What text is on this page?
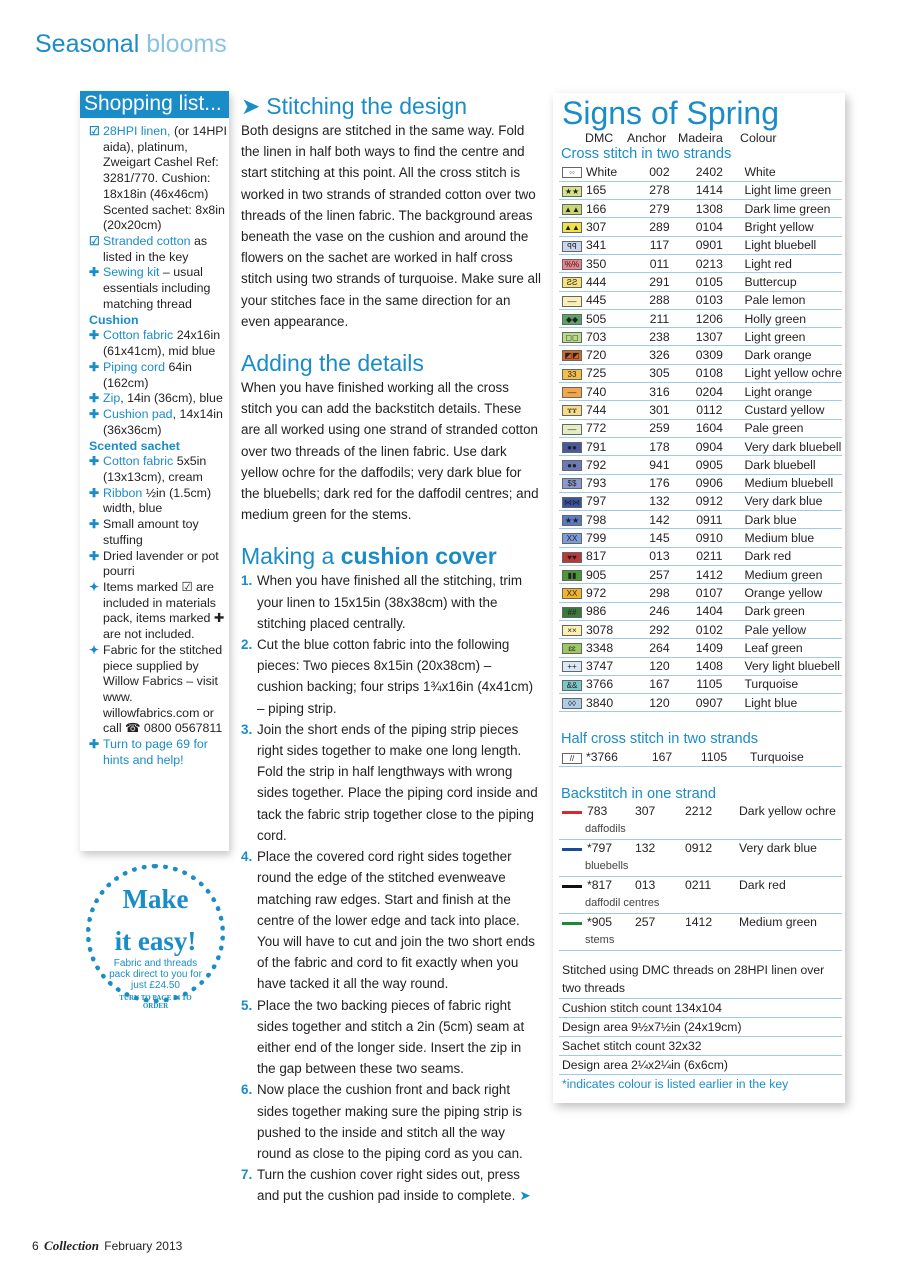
Seasonal blooms
Shopping list...
☑ 28HPI linen, (or 14HPI aida), platinum, Zweigart Cashel Ref: 3281/770. Cushion: 18x18in (46x46cm) Scented sachet: 8x8in (20x20cm)
☑ Stranded cotton as listed in the key
✚ Sewing kit – usual essentials including matching thread
Cushion
✚ Cotton fabric 24x16in (61x41cm), mid blue
✚ Piping cord 64in (162cm)
✚ Zip, 14in (36cm), blue
✚ Cushion pad, 14x14in (36x36cm)
Scented sachet
✚ Cotton fabric 5x5in (13x13cm), cream
✚ Ribbon ½in (1.5cm) width, blue
✚ Small amount toy stuffing
✚ Dried lavender or pot pourri
✦ Items marked ☑ are included in materials pack, items marked ✚ are not included.
✦ Fabric for the stitched piece supplied by Willow Fabrics – visit www. willowfabrics.com or call ☎ 0800 0567811
✚ Turn to page 69 for hints and help!
Make
it easy!
Fabric and threads pack direct to you for just £24.50
TURN TO PAGE 54 TO ORDER
➤ Stitching the design

Both designs are stitched in the same way. Fold the linen in half both ways to find the centre and start stitching at this point. All the cross stitch is worked in two strands of stranded cotton over two threads of the linen fabric. The background areas beneath the vase on the cushion and around the flowers on the sachet are worked in half cross stitch using two strands of turquoise. Make sure all your stitches face in the same direction for an even appearance.

Adding the details

When you have finished working all the cross stitch you can add the backstitch details. These are all worked using one strand of stranded cotton over two threads of the linen fabric. Use dark yellow ochre for the daffodils; very dark blue for the bluebells; dark red for the daffodil centres; and medium green for the stems.

Making a cushion cover
1. When you have finished all the stitching, trim your linen to 15x15in (38x38cm) with the stitching placed centrally.
2. Cut the blue cotton fabric into the following pieces: Two pieces 8x15in (20x38cm) – cushion backing; four strips 1¾x16in (4x41cm) – piping strip.
3. Join the short ends of the piping strip pieces right sides together to make one long length. Fold the strip in half lengthways with wrong sides together. Place the piping cord inside and tack the fabric strip together close to the piping cord.
4. Place the covered cord right sides together round the edge of the stitched evenweave matching raw edges. Start and finish at the centre of the lower edge and tack into place. You will have to cut and join the two short ends of the fabric and cord to fit exactly when you have tacked it all the way round.
5. Place the two backing pieces of fabric right sides together and stitch a 2in (5cm) seam at either end of the longer side. Insert the zip in the gap between these two seams.
6. Now place the cushion front and back right sides together making sure the piping strip is pushed to the inside and stitch all the way round as close to the piping cord as you can.
7. Turn the cushion cover right sides out, press and put the cushion pad inside to complete. ➤
Signs of Spring
DMC Anchor Madeira Colour
Cross stitch in two strands
◦◦	White	002	2402	White
★★	165	278	1414	Light lime green
▲▲	166	279	1308	Dark lime green
▲▲	307	289	0104	Bright yellow
ꟼꟼ	341	117	0901	Light bluebell
%%	350	011	0213	Light red
ƧƧ	444	291	0105	Buttercup
––	445	288	0103	Pale lemon
◆◆	505	211	1206	Holly green
◻◻	703	238	1307	Light green
◩◩	720	326	0309	Dark orange
33	725	305	0108	Light yellow ochre
––	740	316	0204	Light orange
ɤɤ	744	301	0112	Custard yellow
––	772	259	1604	Pale green
●●	791	178	0904	Very dark bluebell
●●	792	941	0905	Dark bluebell
$$	793	176	0906	Medium bluebell
⋈⋈	797	132	0912	Very dark blue
★★	798	142	0911	Dark blue
XX	799	145	0910	Medium blue
♥♥	817	013	0211	Dark red
▮▮	905	257	1412	Medium green
XX	972	298	0107	Orange yellow
##	986	246	1404	Dark green
××	3078	292	0102	Pale yellow
ɛɛ	3348	264	1409	Leaf green
++	3747	120	1408	Very light bluebell
&&	3766	167	1105	Turquoise
◊◊	3840	120	0907	Light blue
Half cross stitch in two strands
//	*3766	167	1105	Turquoise
Backstitch in one strand
783 307 2212 Dark yellow ochre
daffodils
*797 132 0912 Very dark blue
bluebells
*817 013 0211 Dark red
daffodil centres
*905 257 1412 Medium green
stems
Stitched using DMC threads on 28HPI linen over two threads
Cushion stitch count 134x104
Design area 9½x7½in (24x19cm)
Sachet stitch count 32x32
Design area 2¼x2¼in (6x6cm)
*indicates colour is listed earlier in the key
6 Collection February 2013
